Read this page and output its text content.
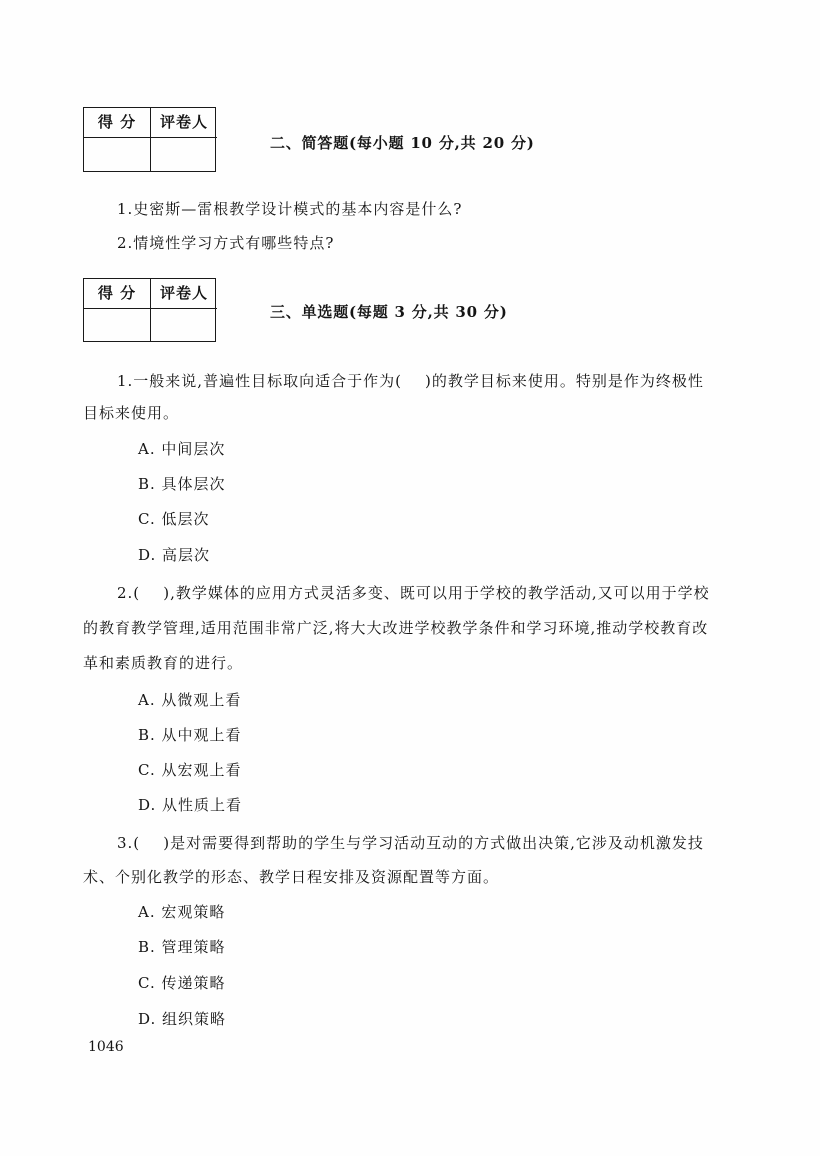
得 分	评卷人
二、简答题(每小题 10 分,共 20 分)
1.史密斯—雷根教学设计模式的基本内容是什么?
2.情境性学习方式有哪些特点?
得 分	评卷人
三、单选题(每题 3 分,共 30 分)
1.一般来说,普遍性目标取向适合于作为(    )的教学目标来使用。特别是作为终极性
目标来使用。
A. 中间层次
B. 具体层次
C. 低层次
D. 高层次
2.(    ),教学媒体的应用方式灵活多变、既可以用于学校的教学活动,又可以用于学校
的教育教学管理,适用范围非常广泛,将大大改进学校教学条件和学习环境,推动学校教育改
革和素质教育的进行。
A. 从微观上看
B. 从中观上看
C. 从宏观上看
D. 从性质上看
3.(    )是对需要得到帮助的学生与学习活动互动的方式做出决策,它涉及动机激发技
术、个别化教学的形态、教学日程安排及资源配置等方面。
A. 宏观策略
B. 管理策略
C. 传递策略
D. 组织策略
1046
